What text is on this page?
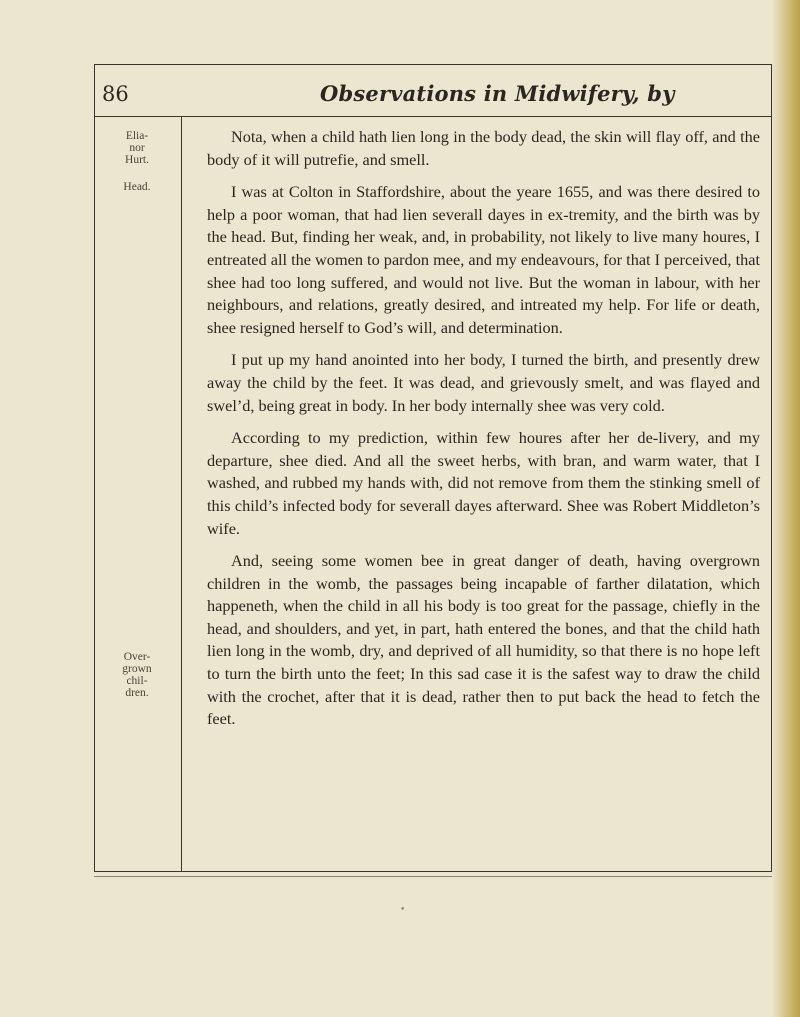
86	Observations in Midwifery, by
Elia-
nor
Hurt.
Head.
Over-
grown
chil-
dren.

Nota, when a child hath lien long in the body dead, the skin will flay off, and the body of it will putrefie, and smell.

I was at Colton in Staffordshire, about the yeare 1655, and was there desired to help a poor woman, that had lien severall dayes in ex-tremity, and the birth was by the head. But, finding her weak, and, in probability, not likely to live many houres, I entreated all the women to pardon mee, and my endeavours, for that I perceived, that shee had too long suffered, and would not live. But the woman in labour, with her neighbours, and relations, greatly desired, and intreated my help. For life or death, shee resigned herself to God’s will, and determination.

I put up my hand anointed into her body, I turned the birth, and presently drew away the child by the feet. It was dead, and grievously smelt, and was flayed and swel’d, being great in body. In her body internally shee was very cold.

According to my prediction, within few houres after her de-livery, and my departure, shee died. And all the sweet herbs, with bran, and warm water, that I washed, and rubbed my hands with, did not remove from them the stinking smell of this child’s infected body for severall dayes afterward. Shee was Robert Middleton’s wife.

And, seeing some women bee in great danger of death, having overgrown children in the womb, the passages being incapable of farther dilatation, which happeneth, when the child in all his body is too great for the passage, chiefly in the head, and shoulders, and yet, in part, hath entered the bones, and that the child hath lien long in the womb, dry, and deprived of all humidity, so that there is no hope left to turn the birth unto the feet; In this sad case it is the safest way to draw the child with the crochet, after that it is dead, rather then to put back the head to fetch the feet.

•
